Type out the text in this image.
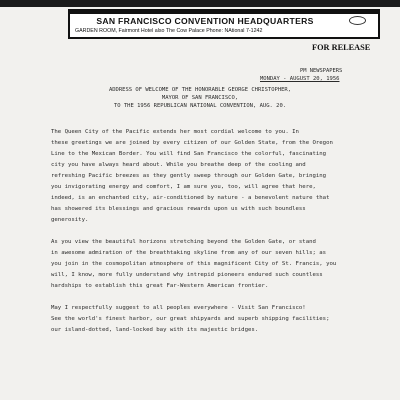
SAN FRANCISCO CONVENTION HEADQUARTERS
GARDEN ROOM, Fairmont Hotel also The Cow Palace Phone: NAtional 7-1242
FOR RELEASE
PM NEWSPAPERS
MONDAY - AUGUST 20, 1956
ADDRESS OF WELCOME OF THE HONORABLE GEORGE CHRISTOPHER,
MAYOR OF SAN FRANCISCO,
TO THE 1956 REPUBLICAN NATIONAL CONVENTION, AUG. 20.
The Queen City of the Pacific extends her most cordial welcome to you. In
these greetings we are joined by every citizen of our Golden State, from the Oregon
Line to the Mexican Border. You will find San Francisco the colorful, fascinating
city you have always heard about. While you breathe deep of the cooling and
refreshing Pacific breezes as they gently sweep through our Golden Gate, bringing
you invigorating energy and comfort, I am sure you, too, will agree that here,
indeed, is an enchanted city, air-conditioned by nature - a benevolent nature that
has showered its blessings and gracious rewards upon us with such boundless
generosity.
As you view the beautiful horizons stretching beyond the Golden Gate, or stand
in awesome admiration of the breathtaking skyline from any of our seven hills; as
you join in the cosmopolitan atmosphere of this magnificent City of St. Francis, you
will, I know, more fully understand why intrepid pioneers endured such countless
hardships to establish this great Far-Western American frontier.
May I respectfully suggest to all peoples everywhere - Visit San Francisco!
See the world's finest harbor, our great shipyards and superb shipping facilities;
our island-dotted, land-locked bay with its majestic bridges.
